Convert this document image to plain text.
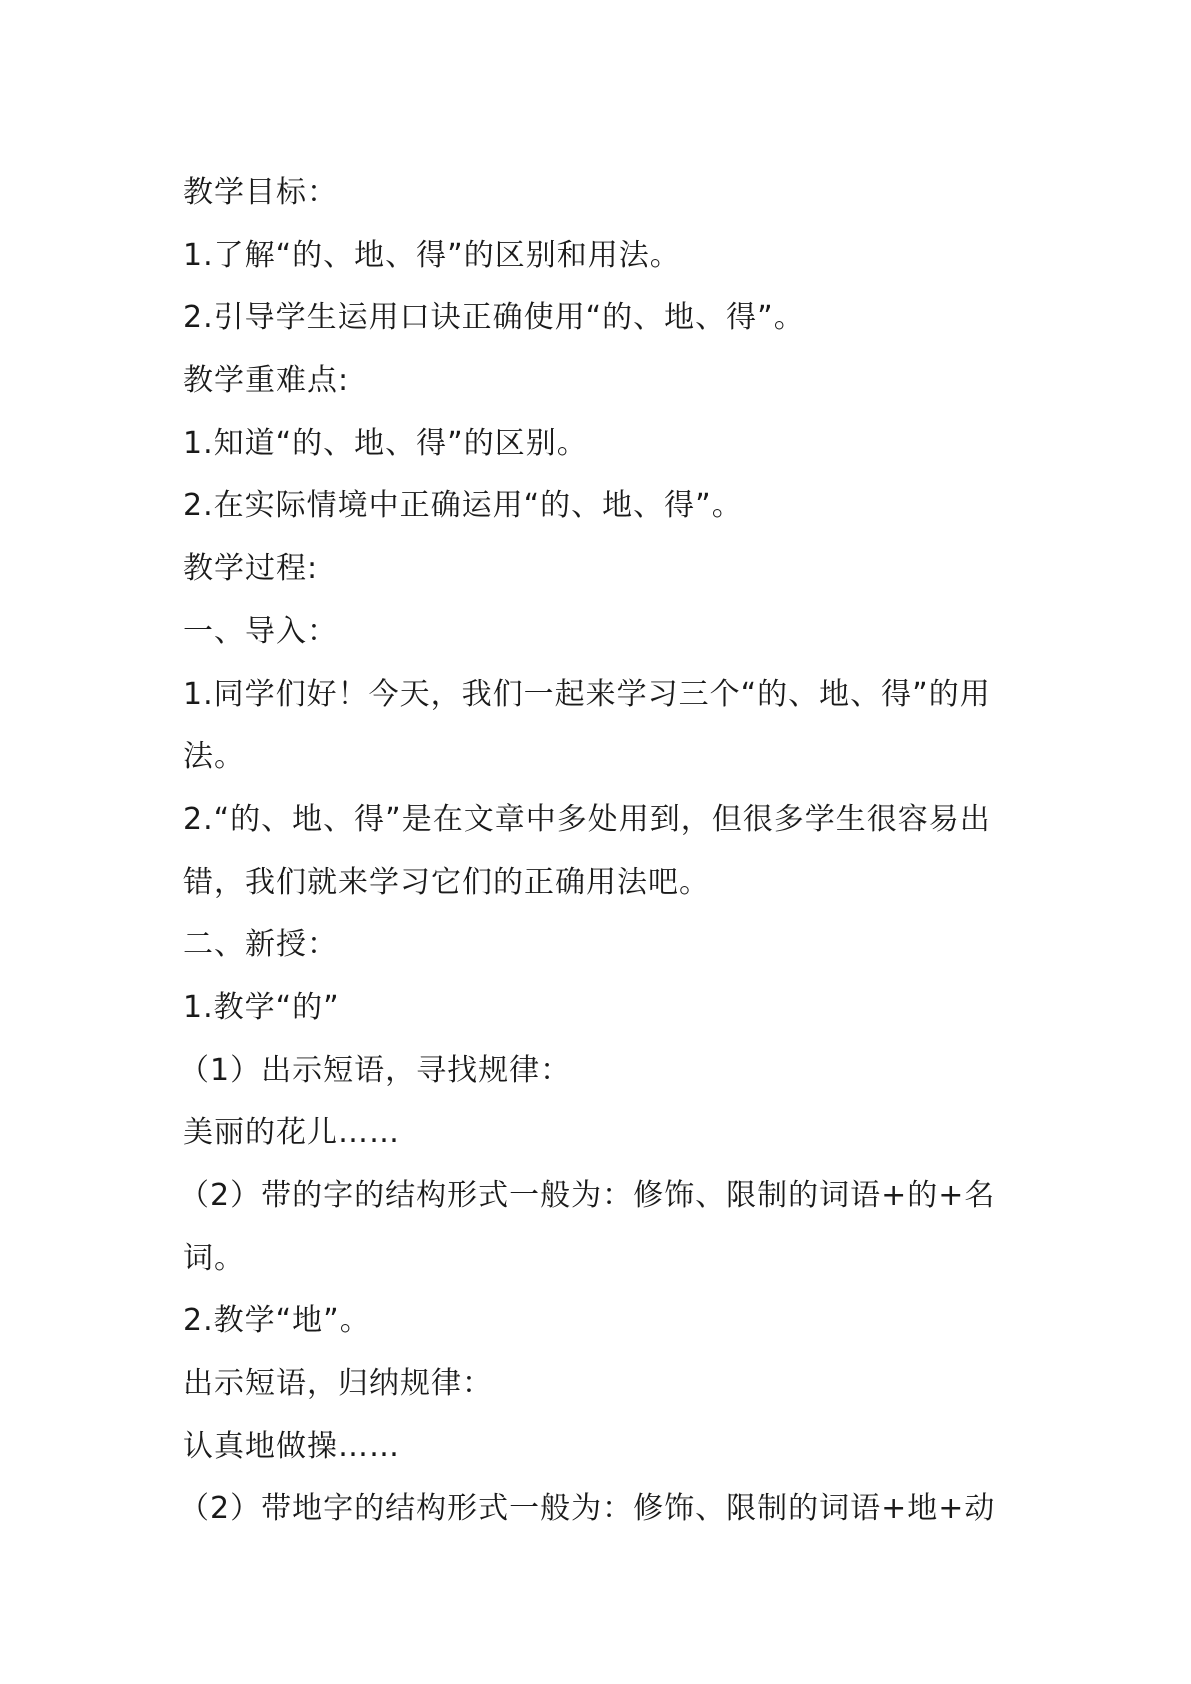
教学目标：
1.了解“的、地、得”的区别和用法。
2.引导学生运用口诀正确使用“的、地、得”。
教学重难点:
1.知道“的、地、得”的区别。
2.在实际情境中正确运用“的、地、得”。
教学过程:
一、导入：
1.同学们好！今天，我们一起来学习三个“的、地、得”的用
法。
2.“的、地、得”是在文章中多处用到，但很多学生很容易出
错，我们就来学习它们的正确用法吧。
二、新授：
1.教学“的”
（1）出示短语，寻找规律：
美丽的花儿……
（2）带的字的结构形式一般为：修饰、限制的词语+的+名
词。
2.教学“地”。
出示短语，归纳规律：
认真地做操……
（2）带地字的结构形式一般为：修饰、限制的词语+地+动
